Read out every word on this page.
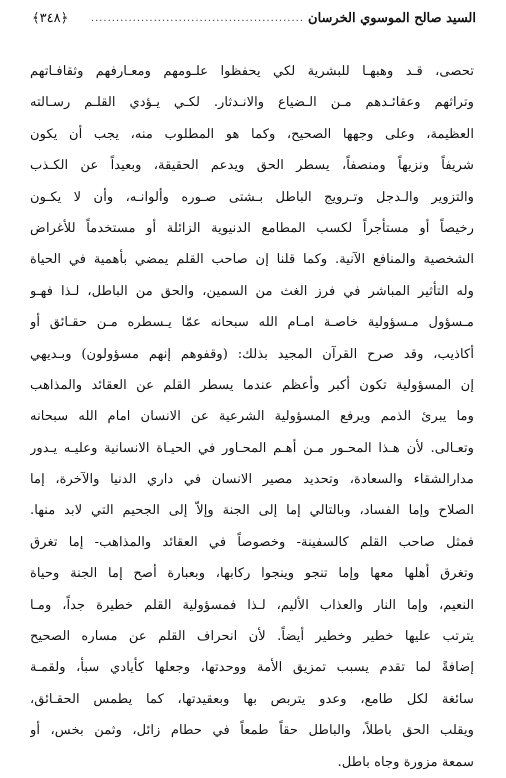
السيد صالح الموسوي الخرسان
...................................................
﴿٣٤٨﴾
تحصى، قـد وهبهـا للبشرية لكي يحفظوا علـومهم ومعـارفهم وثقافـاتهم
وتراثهم وعقائـدهم مـن الـضياع والانـدثار. لكـي يـؤدي القلـم رسـالته
العظيمة، وعلى وجهها الصحيح، وكما هو المطلوب منه، يجب أن يكون
شريفاً ونزيهاً ومنصفاً، يسطر الحق ويدعم الحقيقة، وبعيداً عن الكـذب
والتزوير والـدجل وتـرويج الباطل بـشتى صـوره وألوانـه، وأن لا يكـون
رخيصاً أو مستأجراً لكسب المطامع الدنيوية الزائلة أو مستخدماً للأغراض
الشخصية والمنافع الآنية. وكما قلنا إن صاحب القلم يمضي بأهمية في الحياة
وله التأثير المباشر في فرز الغث من السمين، والحق من الباطل، لـذا فهـو
مـسؤول مـسؤولية خاصـة امـام الله سبحانه عمّا يـسطره مـن حقـائق أو
أكاذيب، وقد صرح القرآن المجيد بذلك: (وقفوهم إنهم مسؤولون) وبـديهي
إن المسؤولية تكون أكبر وأعظم عندما يسطر القلم عن العقائد والمذاهب
وما يبرئ الذمم ويرفع المسؤولية الشرعية عن الانسان امام الله سبحانه
وتعـالى. لأن هـذا المحـور مـن أهـم المحـاور في الحيـاة الانسانية وعليـه يـدور
مدارالشقاء والسعادة، وتحديد مصير الانسان في داري الدنيا والآخرة، إما
الصلاح وإما الفساد، وبالتالي إما إلى الجنة وإلاّ إلى الجحيم التي لابد منها.
فمثل صاحب القلم كالسفينة- وخصوصاً في العقائد والمذاهب- إما تغرق
وتغرق أهلها معها وإما تنجو وينجوا ركابها، وبعبارة أصح إما الجنة وحياة
النعيم، وإما النار والعذاب الأليم، لـذا فمسؤولية القلم خطيرة جداً، ومـا
يترتب عليها خطير وخطير أيضاً. لأن انحراف القلم عن مساره الصحيح
إضافةً لما تقدم يسبب تمزيق الأمة ووحدتها، وجعلها كأيادي سبأ، ولقمـة
سائغة لكل طامع، وعدو يتربص بها وبعقيدتها، كما يطمس الحقـائق،
ويقلب الحق باطلاً، والباطل حقاً طمعاً في حطام زائل، وثمن بخس، أو
سمعة مزورة وجاه باطل.
